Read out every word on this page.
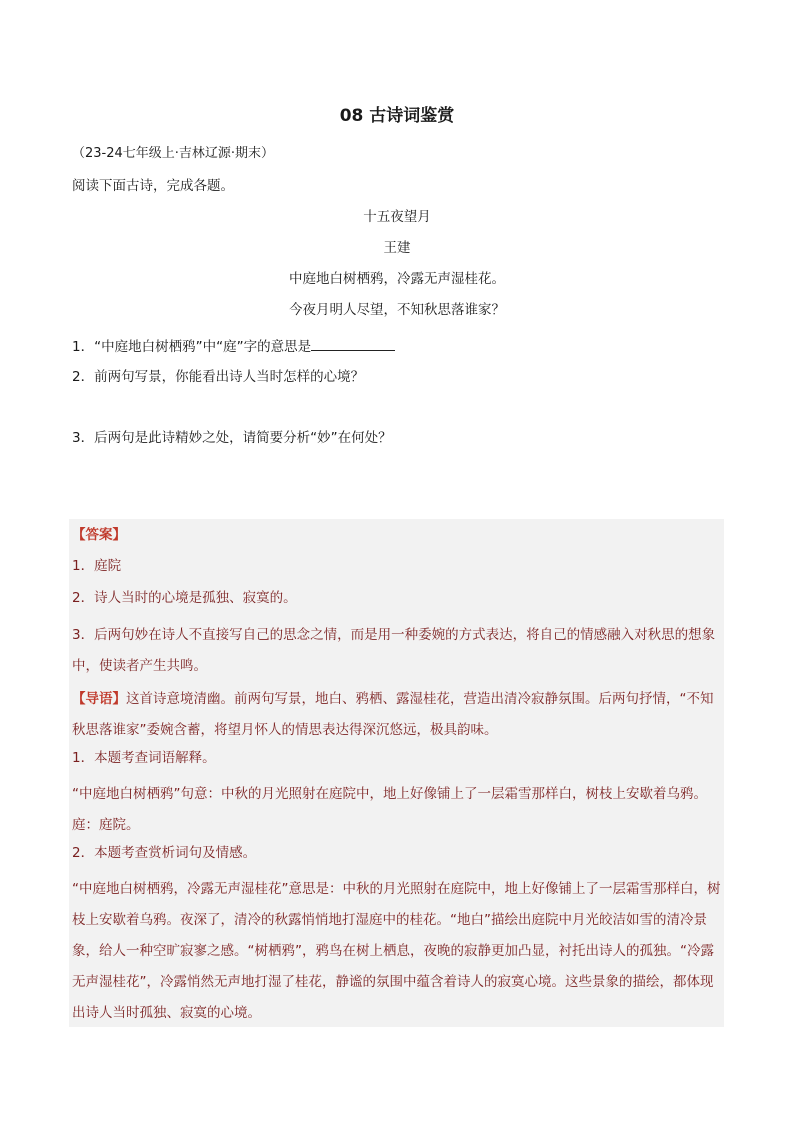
08 古诗词鉴赏
（23-24七年级上·吉林辽源·期末）
阅读下面古诗，完成各题。
十五夜望月
王建
中庭地白树栖鸦，冷露无声湿桂花。
今夜月明人尽望，不知秋思落谁家？
1．“中庭地白树栖鸦”中“庭”字的意思是
2．前两句写景，你能看出诗人当时怎样的心境？
3．后两句是此诗精妙之处，请简要分析“妙”在何处？
【答案】
1．庭院
2．诗人当时的心境是孤独、寂寞的。
3．后两句妙在诗人不直接写自己的思念之情，而是用一种委婉的方式表达，将自己的情感融入对秋思的想象中，使读者产生共鸣。
【导语】这首诗意境清幽。前两句写景，地白、鸦栖、露湿桂花，营造出清冷寂静氛围。后两句抒情，“不知秋思落谁家”委婉含蓄，将望月怀人的情思表达得深沉悠远，极具韵味。
1．本题考查词语解释。
“中庭地白树栖鸦”句意：中秋的月光照射在庭院中，地上好像铺上了一层霜雪那样白，树枝上安歇着乌鸦。庭：庭院。
2．本题考查赏析词句及情感。
“中庭地白树栖鸦，冷露无声湿桂花”意思是：中秋的月光照射在庭院中，地上好像铺上了一层霜雪那样白，树枝上安歇着乌鸦。夜深了，清冷的秋露悄悄地打湿庭中的桂花。“地白”描绘出庭院中月光皎洁如雪的清冷景象，给人一种空旷寂寥之感。“树栖鸦”，鸦鸟在树上栖息，夜晚的寂静更加凸显，衬托出诗人的孤独。“冷露无声湿桂花”，冷露悄然无声地打湿了桂花，静谧的氛围中蕴含着诗人的寂寞心境。这些景象的描绘，都体现出诗人当时孤独、寂寞的心境。
